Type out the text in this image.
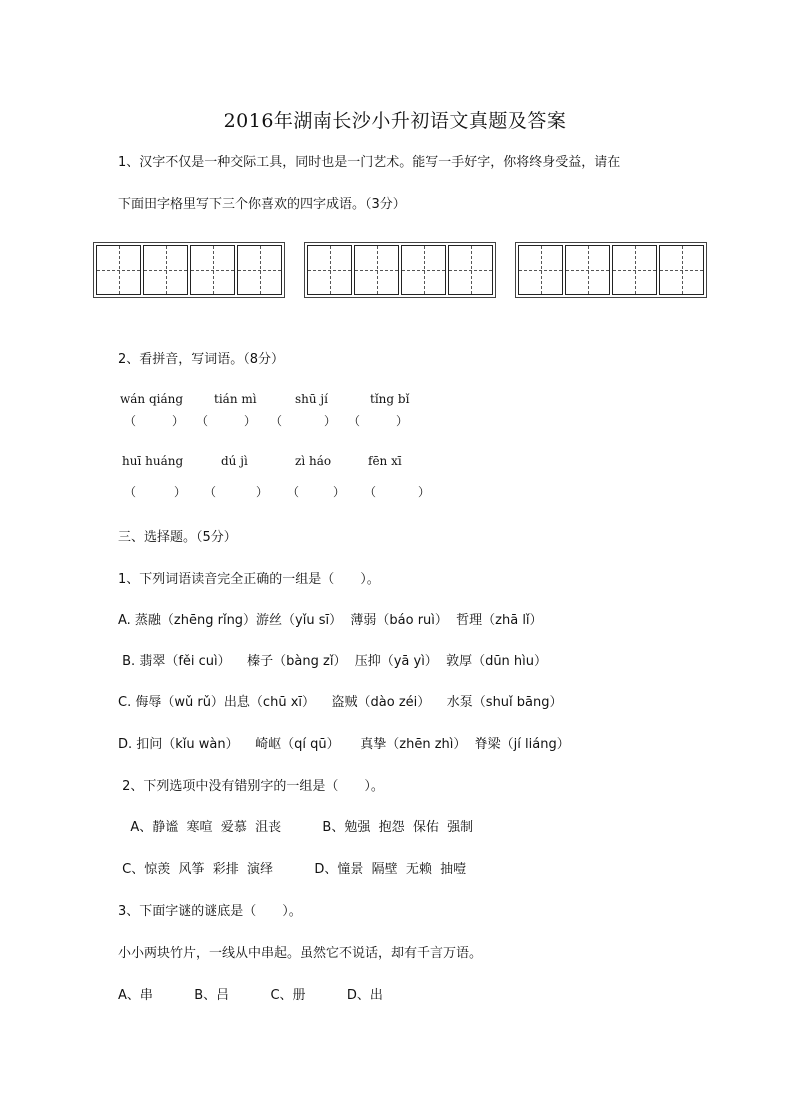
2016年湖南长沙小升初语文真题及答案
1、汉字不仅是一种交际工具，同时也是一门艺术。能写一手好字，你将终身受益，请在
下面田字格里写下三个你喜欢的四字成语。（3分）
2、看拼音，写词语。（8分）
wán qiáng	tián mì	shū jí	tǐng bǐ
（	） （	） （	） （	）
huī huáng	dú jì	zì háo	fēn xī
（	） （	） （	） （	）
三、选择题。（5分）
1、下列词语读音完全正确的一组是（　　）。
A. 蒸融（zhēng rǐng）游丝（yǐu sī）  薄弱（báo ruì）  哲理（zhā lǐ）
B. 翡翠（fěi cuì）    榛子（bàng zǐ）  压抑（yā yì）  敦厚（dūn hìu）
C. 侮辱（wǔ rǔ）出息（chū xī）    盗贼（dào zéi）    水泵（shuǐ bāng）
D. 扣问（kǐu wàn）    崎岖（qí qū）     真挚（zhēn zhì）  脊梁（jí liáng）
2、下列选项中没有错别字的一组是（　　）。
A、静谧  寒喧  爱慕  沮丧          B、勉强  抱怨  保佑  强制
C、惊羡  风筝  彩排  演绎          D、憧景  隔壁  无赖  抽噎
3、下面字谜的谜底是（　　）。
小小两块竹片，一线从中串起。虽然它不说话，却有千言万语。
A、串          B、吕          C、册          D、出
